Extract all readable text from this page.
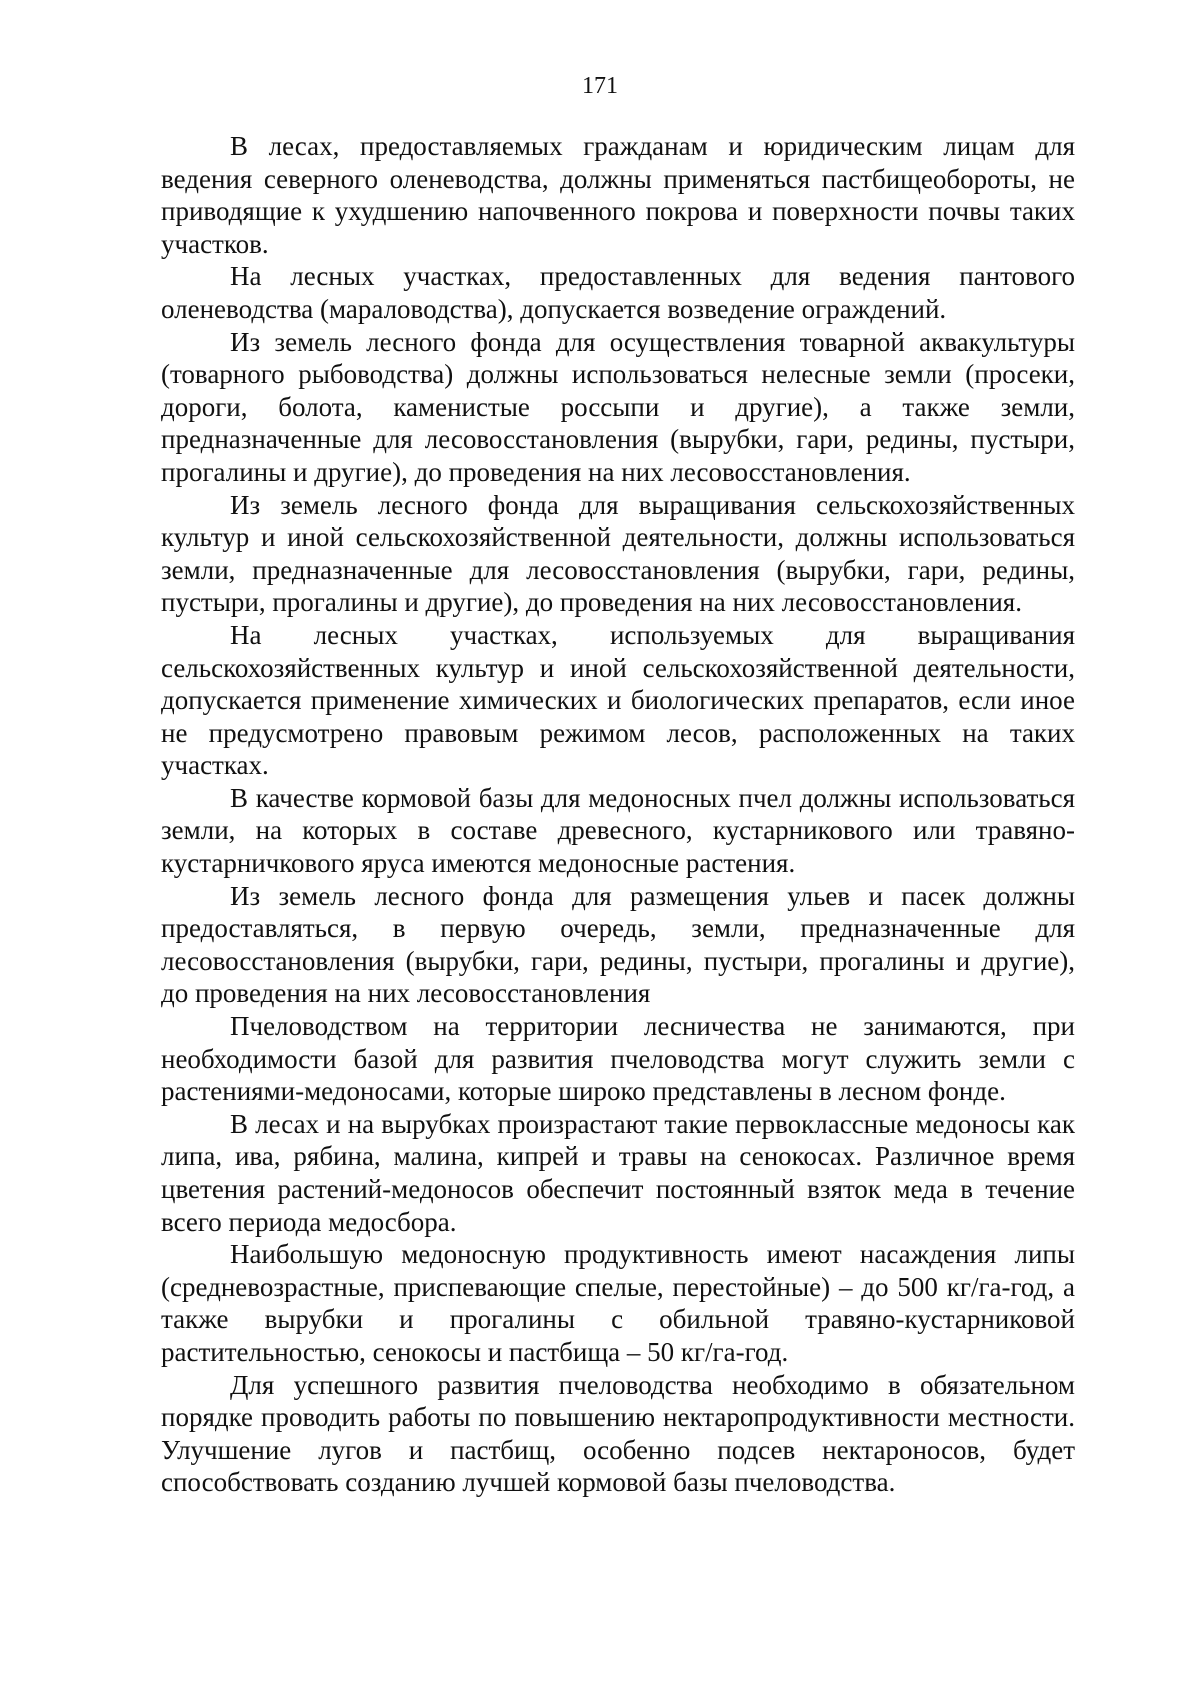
171

В лесах, предоставляемых гражданам и юридическим лицам для ведения северного оленеводства, должны применяться пастбищеобороты, не приводящие к ухудшению напочвенного покрова и поверхности почвы таких участков.

На лесных участках, предоставленных для ведения пантового оленеводства (мараловодства), допускается возведение ограждений.

Из земель лесного фонда для осуществления товарной аквакультуры (товарного рыбоводства) должны использоваться нелесные земли (просеки, дороги, болота, каменистые россыпи и другие), а также земли, предназначенные для лесовосстановления (вырубки, гари, редины, пустыри, прогалины и другие), до проведения на них лесовосстановления.

Из земель лесного фонда для выращивания сельскохозяйственных культур и иной сельскохозяйственной деятельности, должны использоваться земли, предназначенные для лесовосстановления (вырубки, гари, редины, пустыри, прогалины и другие), до проведения на них лесовосстановления.

На лесных участках, используемых для выращивания сельскохозяйственных культур и иной сельскохозяйственной деятельности, допускается применение химических и биологических препаратов, если иное не предусмотрено правовым режимом лесов, расположенных на таких участках.

В качестве кормовой базы для медоносных пчел должны использоваться земли, на которых в составе древесного, кустарникового или травяно-кустарничкового яруса имеются медоносные растения.

Из земель лесного фонда для размещения ульев и пасек должны предоставляться, в первую очередь, земли, предназначенные для лесовосстановления (вырубки, гари, редины, пустыри, прогалины и другие), до проведения на них лесовосстановления

Пчеловодством на территории лесничества не занимаются, при необходимости базой для развития пчеловодства могут служить земли с растениями-медоносами, которые широко представлены в лесном фонде.

В лесах и на вырубках произрастают такие первоклассные медоносы как липа, ива, рябина, малина, кипрей и травы на сенокосах. Различное время цветения растений-медоносов обеспечит постоянный взяток меда в течение всего периода медосбора.

Наибольшую медоносную продуктивность имеют насаждения липы (средневозрастные, приспевающие спелые, перестойные) – до 500 кг/га-год, а также вырубки и прогалины с обильной травяно-кустарниковой растительностью, сенокосы и пастбища – 50 кг/га-год.

Для успешного развития пчеловодства необходимо в обязательном порядке проводить работы по повышению нектаропродуктивности местности. Улучшение лугов и пастбищ, особенно подсев нектароносов, будет способствовать созданию лучшей кормовой базы пчеловодства.
